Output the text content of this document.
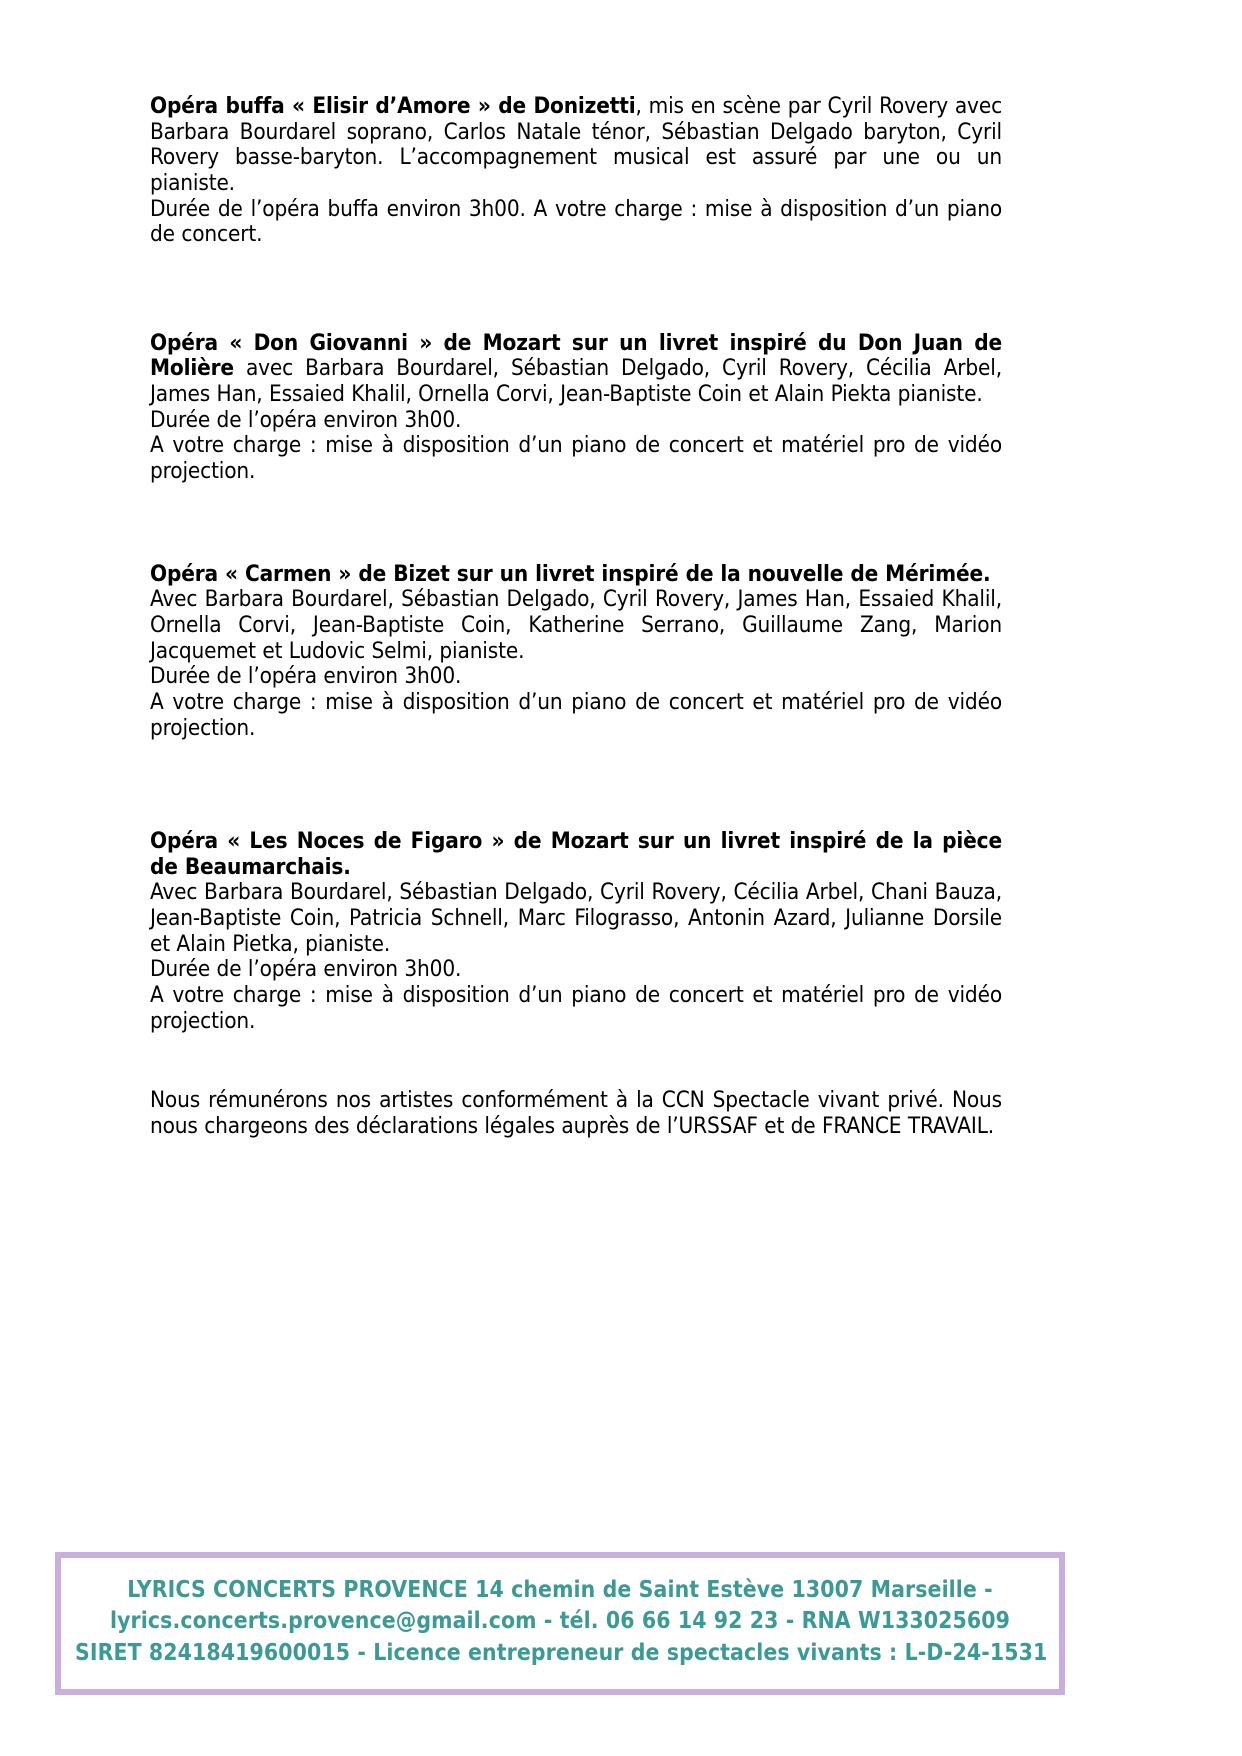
Opéra buffa « Elisir d’Amore » de Donizetti, mis en scène par Cyril Rovery avec Barbara Bourdarel soprano, Carlos Natale ténor, Sébastian Delgado baryton, Cyril Rovery basse-baryton. L’accompagnement musical est assuré par une ou un pianiste.

Durée de l’opéra buffa environ 3h00. A votre charge : mise à disposition d’un piano de concert.

Opéra « Don Giovanni » de Mozart sur un livret inspiré du Don Juan de Molière avec Barbara Bourdarel, Sébastian Delgado, Cyril Rovery, Cécilia Arbel, James Han, Essaied Khalil, Ornella Corvi, Jean-Baptiste Coin et Alain Piekta pianiste.

Durée de l’opéra environ 3h00.

A votre charge : mise à disposition d’un piano de concert et matériel pro de vidéo projection.

Opéra « Carmen » de Bizet sur un livret inspiré de la nouvelle de Mérimée.

Avec Barbara Bourdarel, Sébastian Delgado, Cyril Rovery, James Han, Essaied Khalil, Ornella Corvi, Jean-Baptiste Coin, Katherine Serrano, Guillaume Zang, Marion Jacquemet et Ludovic Selmi, pianiste.

Durée de l’opéra environ 3h00.

A votre charge : mise à disposition d’un piano de concert et matériel pro de vidéo projection.

Opéra « Les Noces de Figaro » de Mozart sur un livret inspiré de la pièce de Beaumarchais.

Avec Barbara Bourdarel, Sébastian Delgado, Cyril Rovery, Cécilia Arbel, Chani Bauza, Jean-Baptiste Coin, Patricia Schnell, Marc Filograsso, Antonin Azard, Julianne Dorsile et Alain Pietka, pianiste.

Durée de l’opéra environ 3h00.

A votre charge : mise à disposition d’un piano de concert et matériel pro de vidéo projection.

Nous rémunérons nos artistes conformément à la CCN Spectacle vivant privé. Nous nous chargeons des déclarations légales auprès de l’URSSAF et de FRANCE TRAVAIL.

LYRICS CONCERTS PROVENCE 14 chemin de Saint Estève 13007 Marseille -

lyrics.concerts.provence@gmail.com - tél. 06 66 14 92 23 - RNA W133025609

SIRET 82418419600015 - Licence entrepreneur de spectacles vivants : L-D-24-1531
